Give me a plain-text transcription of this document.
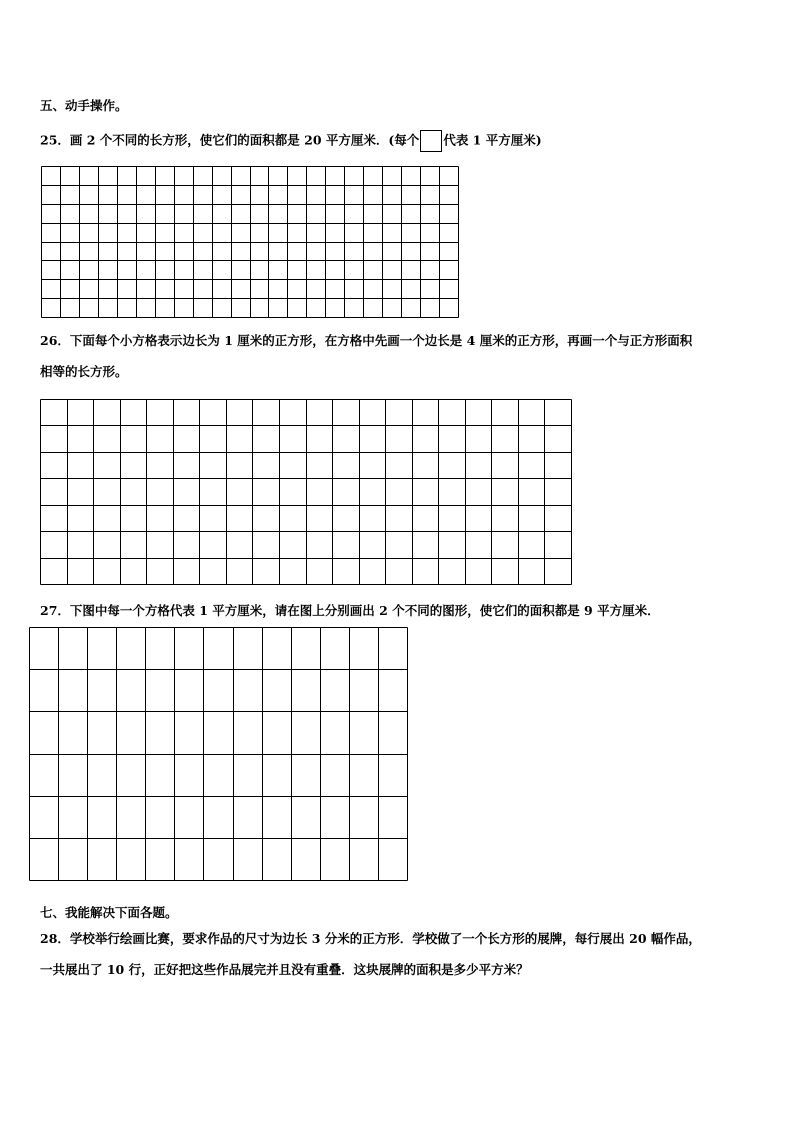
五、动手操作。
25．画 2 个不同的长方形，使它们的面积都是 20 平方厘米．(每个 代表 1 平方厘米)
26．下面每个小方格表示边长为 1 厘米的正方形，在方格中先画一个边长是 4 厘米的正方形，再画一个与正方形面积
相等的长方形。
27．下图中每一个方格代表 1 平方厘米，请在图上分别画出 2 个不同的图形，使它们的面积都是 9 平方厘米．
七、我能解决下面各题。
28．学校举行绘画比赛，要求作品的尺寸为边长 3 分米的正方形．学校做了一个长方形的展牌，每行展出 20 幅作品，
一共展出了 10 行，正好把这些作品展完并且没有重叠．这块展牌的面积是多少平方米？
